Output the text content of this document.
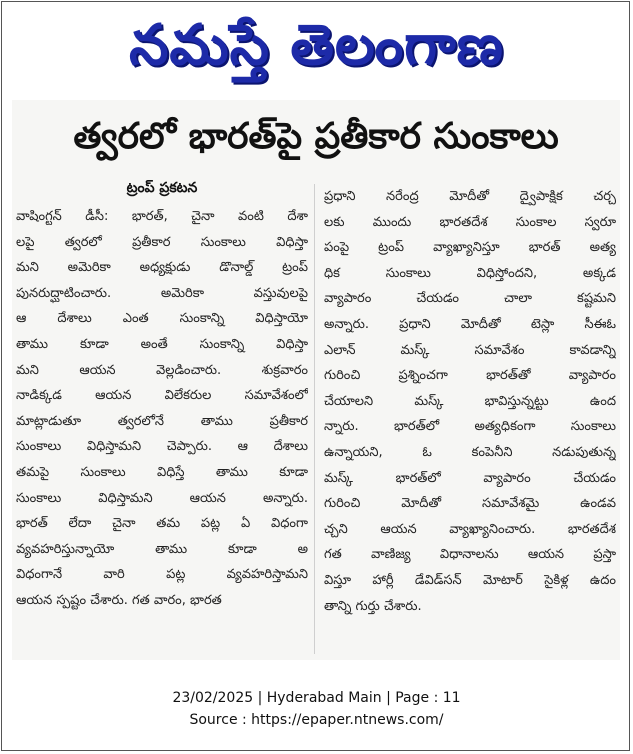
నమస్తే తెలంగాణ
త్వరలో భారత్‌పై ప్రతీకార సుంకాలు
ట్రంప్ ప్రకటన
వాషింగ్టన్ డీసీ: భారత్, చైనా వంటి దేశా
లపై త్వరలో ప్రతీకార సుంకాలు విధిస్తా
మని అమెరికా అధ్యక్షుడు డొనాల్డ్ ట్రంప్
పునరుద్ఘాటించారు. అమెరికా వస్తువులపై
ఆ దేశాలు ఎంత సుంకాన్ని విధిస్తాయో
తాము కూడా అంతే సుంకాన్ని విధిస్తా
మని ఆయన వెల్లడించారు. శుక్రవారం
నాడిక్కడ ఆయన విలేకరుల సమావేశంలో
మాట్లాడుతూ త్వరలోనే తాము ప్రతీకార
సుంకాలు విధిస్తామని చెప్పారు. ఆ దేశాలు
తమపై సుంకాలు విధిస్తే తాము కూడా
సుంకాలు విధిస్తామని ఆయన అన్నారు.
భారత్ లేదా చైనా తమ పట్ల ఏ విధంగా
వ్యవహరిస్తున్నాయో తాము కూడా అ
విధంగానే వారి పట్ల వ్యవహరిస్తామని
ఆయన స్పష్టం చేశారు. గత వారం, భారత
ప్రధాని నరేంద్ర మోదీతో ద్వైపాక్షిక చర్చ
లకు ముందు భారతదేశ సుంకాల స్వరూ
పంపై ట్రంప్ వ్యాఖ్యానిస్తూ భారత్ అత్య
ధిక సుంకాలు విధిస్తోందని, అక్కడ
వ్యాపారం చేయడం చాలా కష్టమని
అన్నారు. ప్రధాని మోదీతో టెస్లా సీఈఓ
ఎలాన్ మస్క్ సమావేశం కావడాన్ని
గురించి ప్రశ్నించగా భారత్‌తో వ్యాపారం
చేయాలని మస్క్ భావిస్తున్నట్టు ఉంద
న్నారు. భారత్‌లో అత్యధికంగా సుంకాలు
ఉన్నాయని, ఓ కంపెనీని నడుపుతున్న
మస్క్ భారత్‌లో వ్యాపారం చేయడం
గురించి మోదీతో సమావేశమై ఉండవ
చ్చని ఆయన వ్యాఖ్యానించారు. భారతదేశ
గత వాణిజ్య విధానాలను ఆయన ప్రస్తా
విస్తూ హార్లీ డేవిడ్‌సన్ మోటార్ సైకిళ్ల ఉదం
తాన్ని గుర్తు చేశారు.
23/02/2025 | Hyderabad Main | Page : 11
Source : https://epaper.ntnews.com/
